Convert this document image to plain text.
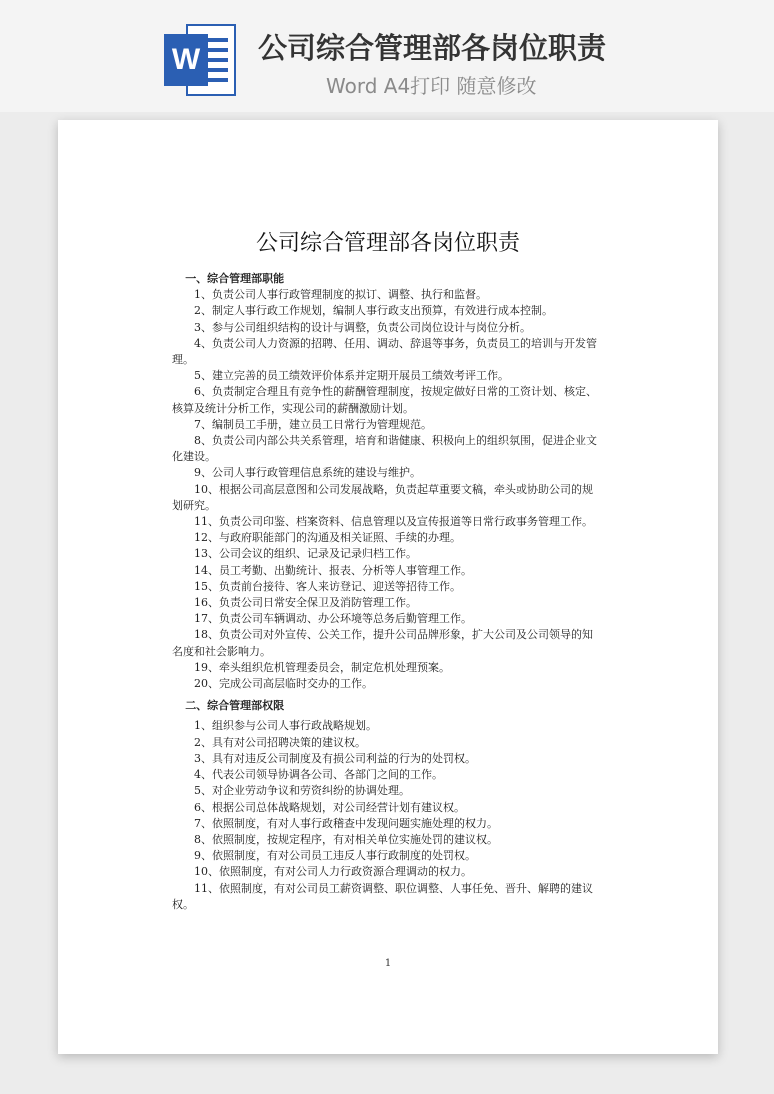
W 公司综合管理部各岗位职责
Word A4打印 随意修改
公司综合管理部各岗位职责

一、综合管理部职能

1、负责公司人事行政管理制度的拟订、调整、执行和监督。

2、制定人事行政工作规划，编制人事行政支出预算，有效进行成本控制。

3、参与公司组织结构的设计与调整，负责公司岗位设计与岗位分析。

4、负责公司人力资源的招聘、任用、调动、辞退等事务，负责员工的培训与开发管理。

5、建立完善的员工绩效评价体系并定期开展员工绩效考评工作。

6、负责制定合理且有竞争性的薪酬管理制度，按规定做好日常的工资计划、核定、核算及统计分析工作，实现公司的薪酬激励计划。

7、编制员工手册，建立员工日常行为管理规范。

8、负责公司内部公共关系管理，培育和谐健康、积极向上的组织氛围，促进企业文化建设。

9、公司人事行政管理信息系统的建设与维护。

10、根据公司高层意图和公司发展战略，负责起草重要文稿，牵头或协助公司的规划研究。

11、负责公司印鉴、档案资料、信息管理以及宣传报道等日常行政事务管理工作。

12、与政府职能部门的沟通及相关证照、手续的办理。

13、公司会议的组织、记录及记录归档工作。

14、员工考勤、出勤统计、报表、分析等人事管理工作。

15、负责前台接待、客人来访登记、迎送等招待工作。

16、负责公司日常安全保卫及消防管理工作。

17、负责公司车辆调动、办公环境等总务后勤管理工作。

18、负责公司对外宣传、公关工作，提升公司品牌形象，扩大公司及公司领导的知名度和社会影响力。

19、牵头组织危机管理委员会，制定危机处理预案。

20、完成公司高层临时交办的工作。

二、综合管理部权限

1、组织参与公司人事行政战略规划。

2、具有对公司招聘决策的建议权。

3、具有对违反公司制度及有损公司利益的行为的处罚权。

4、代表公司领导协调各公司、各部门之间的工作。

5、对企业劳动争议和劳资纠纷的协调处理。

6、根据公司总体战略规划，对公司经营计划有建议权。

7、依照制度，有对人事行政稽查中发现问题实施处理的权力。

8、依照制度，按规定程序，有对相关单位实施处罚的建议权。

9、依照制度，有对公司员工违反人事行政制度的处罚权。

10、依照制度，有对公司人力行政资源合理调动的权力。

11、依照制度，有对公司员工薪资调整、职位调整、人事任免、晋升、解聘的建议权。

1
